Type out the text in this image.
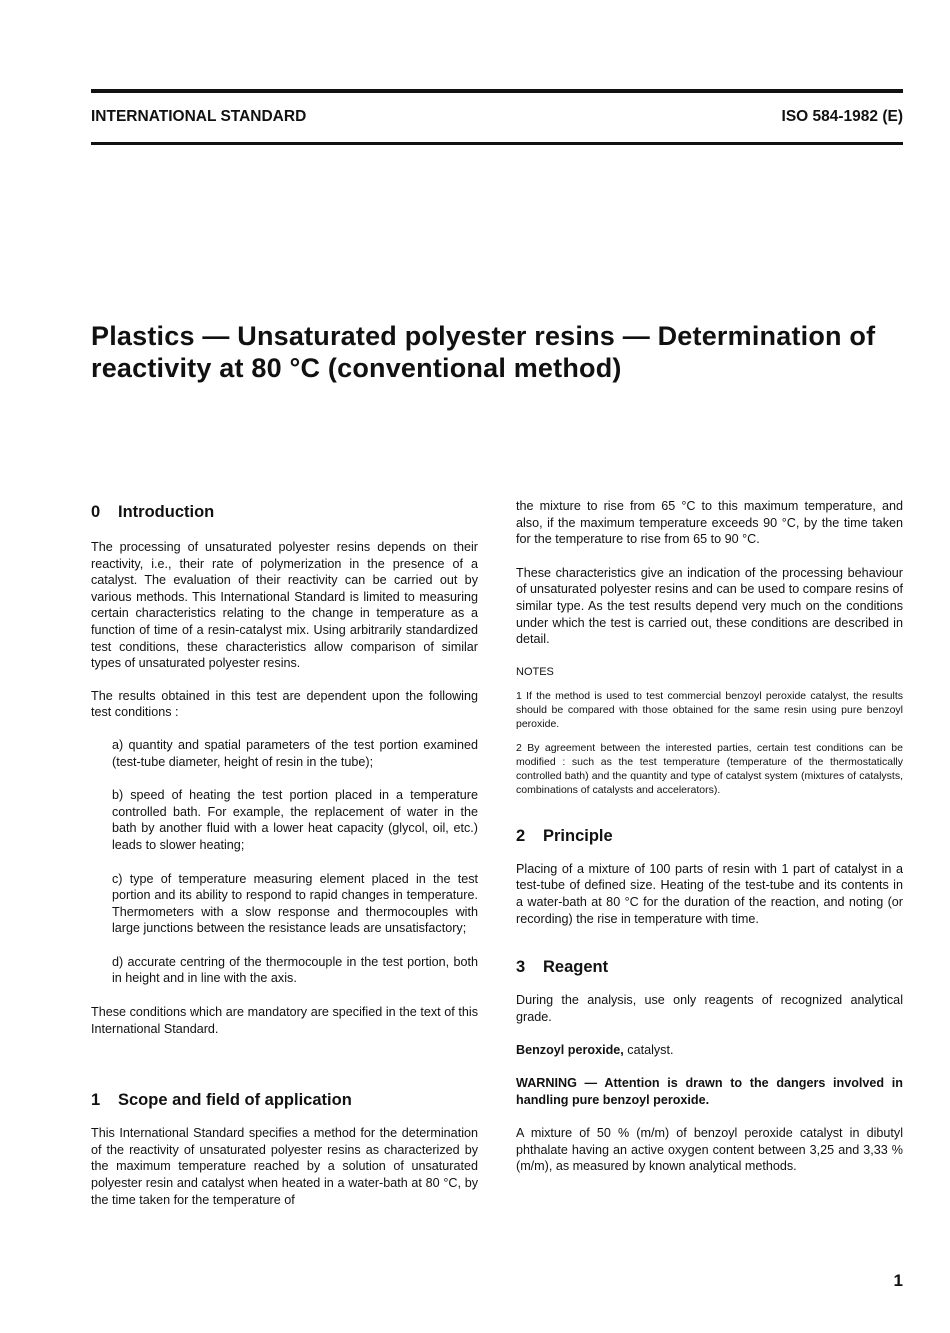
INTERNATIONAL STANDARD	ISO 584-1982 (E)
Plastics — Unsaturated polyester resins — Determination of reactivity at 80 °C (conventional method)
0 Introduction

The processing of unsaturated polyester resins depends on their reactivity, i.e., their rate of polymerization in the presence of a catalyst. The evaluation of their reactivity can be carried out by various methods. This International Standard is limited to measuring certain characteristics relating to the change in temperature as a function of time of a resin-catalyst mix. Using arbitrarily standardized test conditions, these characteristics allow comparison of similar types of unsaturated polyester resins.

The results obtained in this test are dependent upon the following test conditions :

a) quantity and spatial parameters of the test portion examined (test-tube diameter, height of resin in the tube);

b) speed of heating the test portion placed in a temperature controlled bath. For example, the replacement of water in the bath by another fluid with a lower heat capacity (glycol, oil, etc.) leads to slower heating;

c) type of temperature measuring element placed in the test portion and its ability to respond to rapid changes in temperature. Thermometers with a slow response and thermocouples with large junctions between the resistance leads are unsatisfactory;

d) accurate centring of the thermocouple in the test portion, both in height and in line with the axis.

These conditions which are mandatory are specified in the text of this International Standard.

1 Scope and field of application

This International Standard specifies a method for the determination of the reactivity of unsaturated polyester resins as characterized by the maximum temperature reached by a solution of unsaturated polyester resin and catalyst when heated in a water-bath at 80 °C, by the time taken for the temperature of

the mixture to rise from 65 °C to this maximum temperature, and also, if the maximum temperature exceeds 90 °C, by the time taken for the temperature to rise from 65 to 90 °C.

These characteristics give an indication of the processing behaviour of unsaturated polyester resins and can be used to compare resins of similar type. As the test results depend very much on the conditions under which the test is carried out, these conditions are described in detail.

NOTES

1 If the method is used to test commercial benzoyl peroxide catalyst, the results should be compared with those obtained for the same resin using pure benzoyl peroxide.

2 By agreement between the interested parties, certain test conditions can be modified : such as the test temperature (temperature of the thermostatically controlled bath) and the quantity and type of catalyst system (mixtures of catalysts, combinations of catalysts and accelerators).

2 Principle

Placing of a mixture of 100 parts of resin with 1 part of catalyst in a test-tube of defined size. Heating of the test-tube and its contents in a water-bath at 80 °C for the duration of the reaction, and noting (or recording) the rise in temperature with time.

3 Reagent

During the analysis, use only reagents of recognized analytical grade.

Benzoyl peroxide, catalyst.

WARNING — Attention is drawn to the dangers involved in handling pure benzoyl peroxide.

A mixture of 50 % (m/m) of benzoyl peroxide catalyst in dibutyl phthalate having an active oxygen content between 3,25 and 3,33 % (m/m), as measured by known analytical methods.

1
